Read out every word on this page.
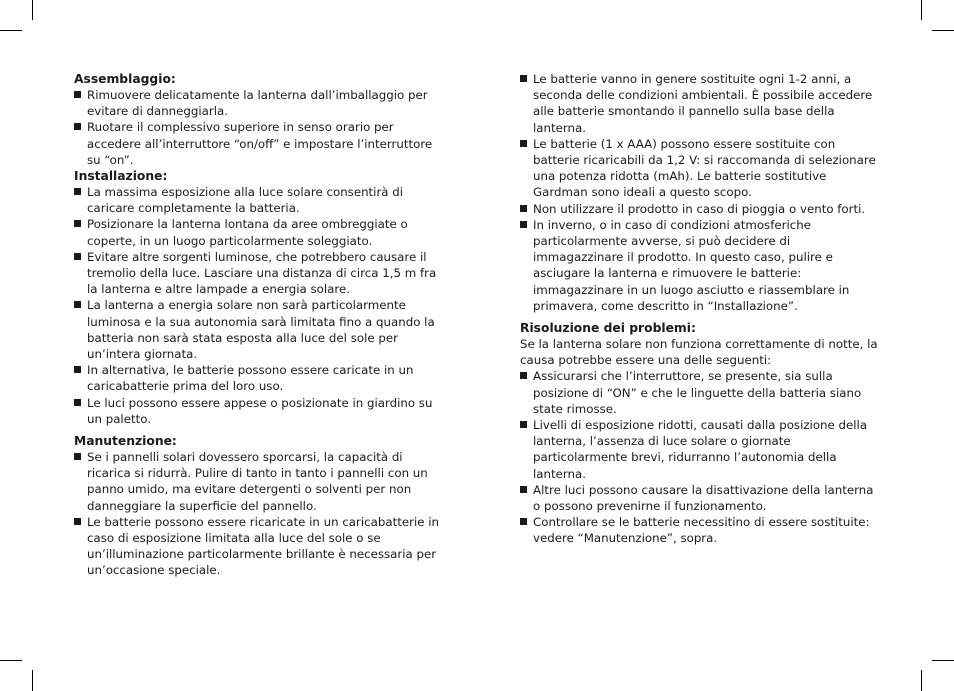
Assemblaggio:
Rimuovere delicatamente la lanterna dall’imballaggio per evitare di danneggiarla.
Ruotare il complessivo superiore in senso orario per accedere all’interruttore “on/off” e impostare l’interruttore su “on”.
Installazione:
La massima esposizione alla luce solare consentirà di caricare completamente la batteria.
Posizionare la lanterna lontana da aree ombreggiate o coperte, in un luogo particolarmente soleggiato.
Evitare altre sorgenti luminose, che potrebbero causare il tremolio della luce. Lasciare una distanza di circa 1,5 m fra la lanterna e altre lampade a energia solare.
La lanterna a energia solare non sarà particolarmente luminosa e la sua autonomia sarà limitata fino a quando la batteria non sarà stata esposta alla luce del sole per un’intera giornata.
In alternativa, le batterie possono essere caricate in un caricabatterie prima del loro uso.
Le luci possono essere appese o posizionate in giardino su un paletto.
Manutenzione:
Se i pannelli solari dovessero sporcarsi, la capacità di ricarica si ridurrà. Pulire di tanto in tanto i pannelli con un panno umido, ma evitare detergenti o solventi per non danneggiare la superficie del pannello.
Le batterie possono essere ricaricate in un caricabatterie in caso di esposizione limitata alla luce del sole o se un’illuminazione particolarmente brillante è necessaria per un’occasione speciale.
Le batterie vanno in genere sostituite ogni 1-2 anni, a seconda delle condizioni ambientali. È possibile accedere alle batterie smontando il pannello sulla base della lanterna.
Le batterie (1 x AAA) possono essere sostituite con batterie ricaricabili da 1,2 V: si raccomanda di selezionare una potenza ridotta (mAh). Le batterie sostitutive Gardman sono ideali a questo scopo.
Non utilizzare il prodotto in caso di pioggia o vento forti.
In inverno, o in caso di condizioni atmosferiche particolarmente avverse, si può decidere di immagazzinare il prodotto. In questo caso, pulire e asciugare la lanterna e rimuovere le batterie: immagazzinare in un luogo asciutto e riassemblare in primavera, come descritto in “Installazione”.
Risoluzione dei problemi:

Se la lanterna solare non funziona correttamente di notte, la causa potrebbe essere una delle seguenti:

Assicurarsi che l’interruttore, se presente, sia sulla posizione di “ON” e che le linguette della batteria siano state rimosse.
Livelli di esposizione ridotti, causati dalla posizione della lanterna, l’assenza di luce solare o giornate particolarmente brevi, ridurranno l’autonomia della lanterna.
Altre luci possono causare la disattivazione della lanterna o possono prevenirne il funzionamento.
Controllare se le batterie necessitino di essere sostituite: vedere “Manutenzione”, sopra.
